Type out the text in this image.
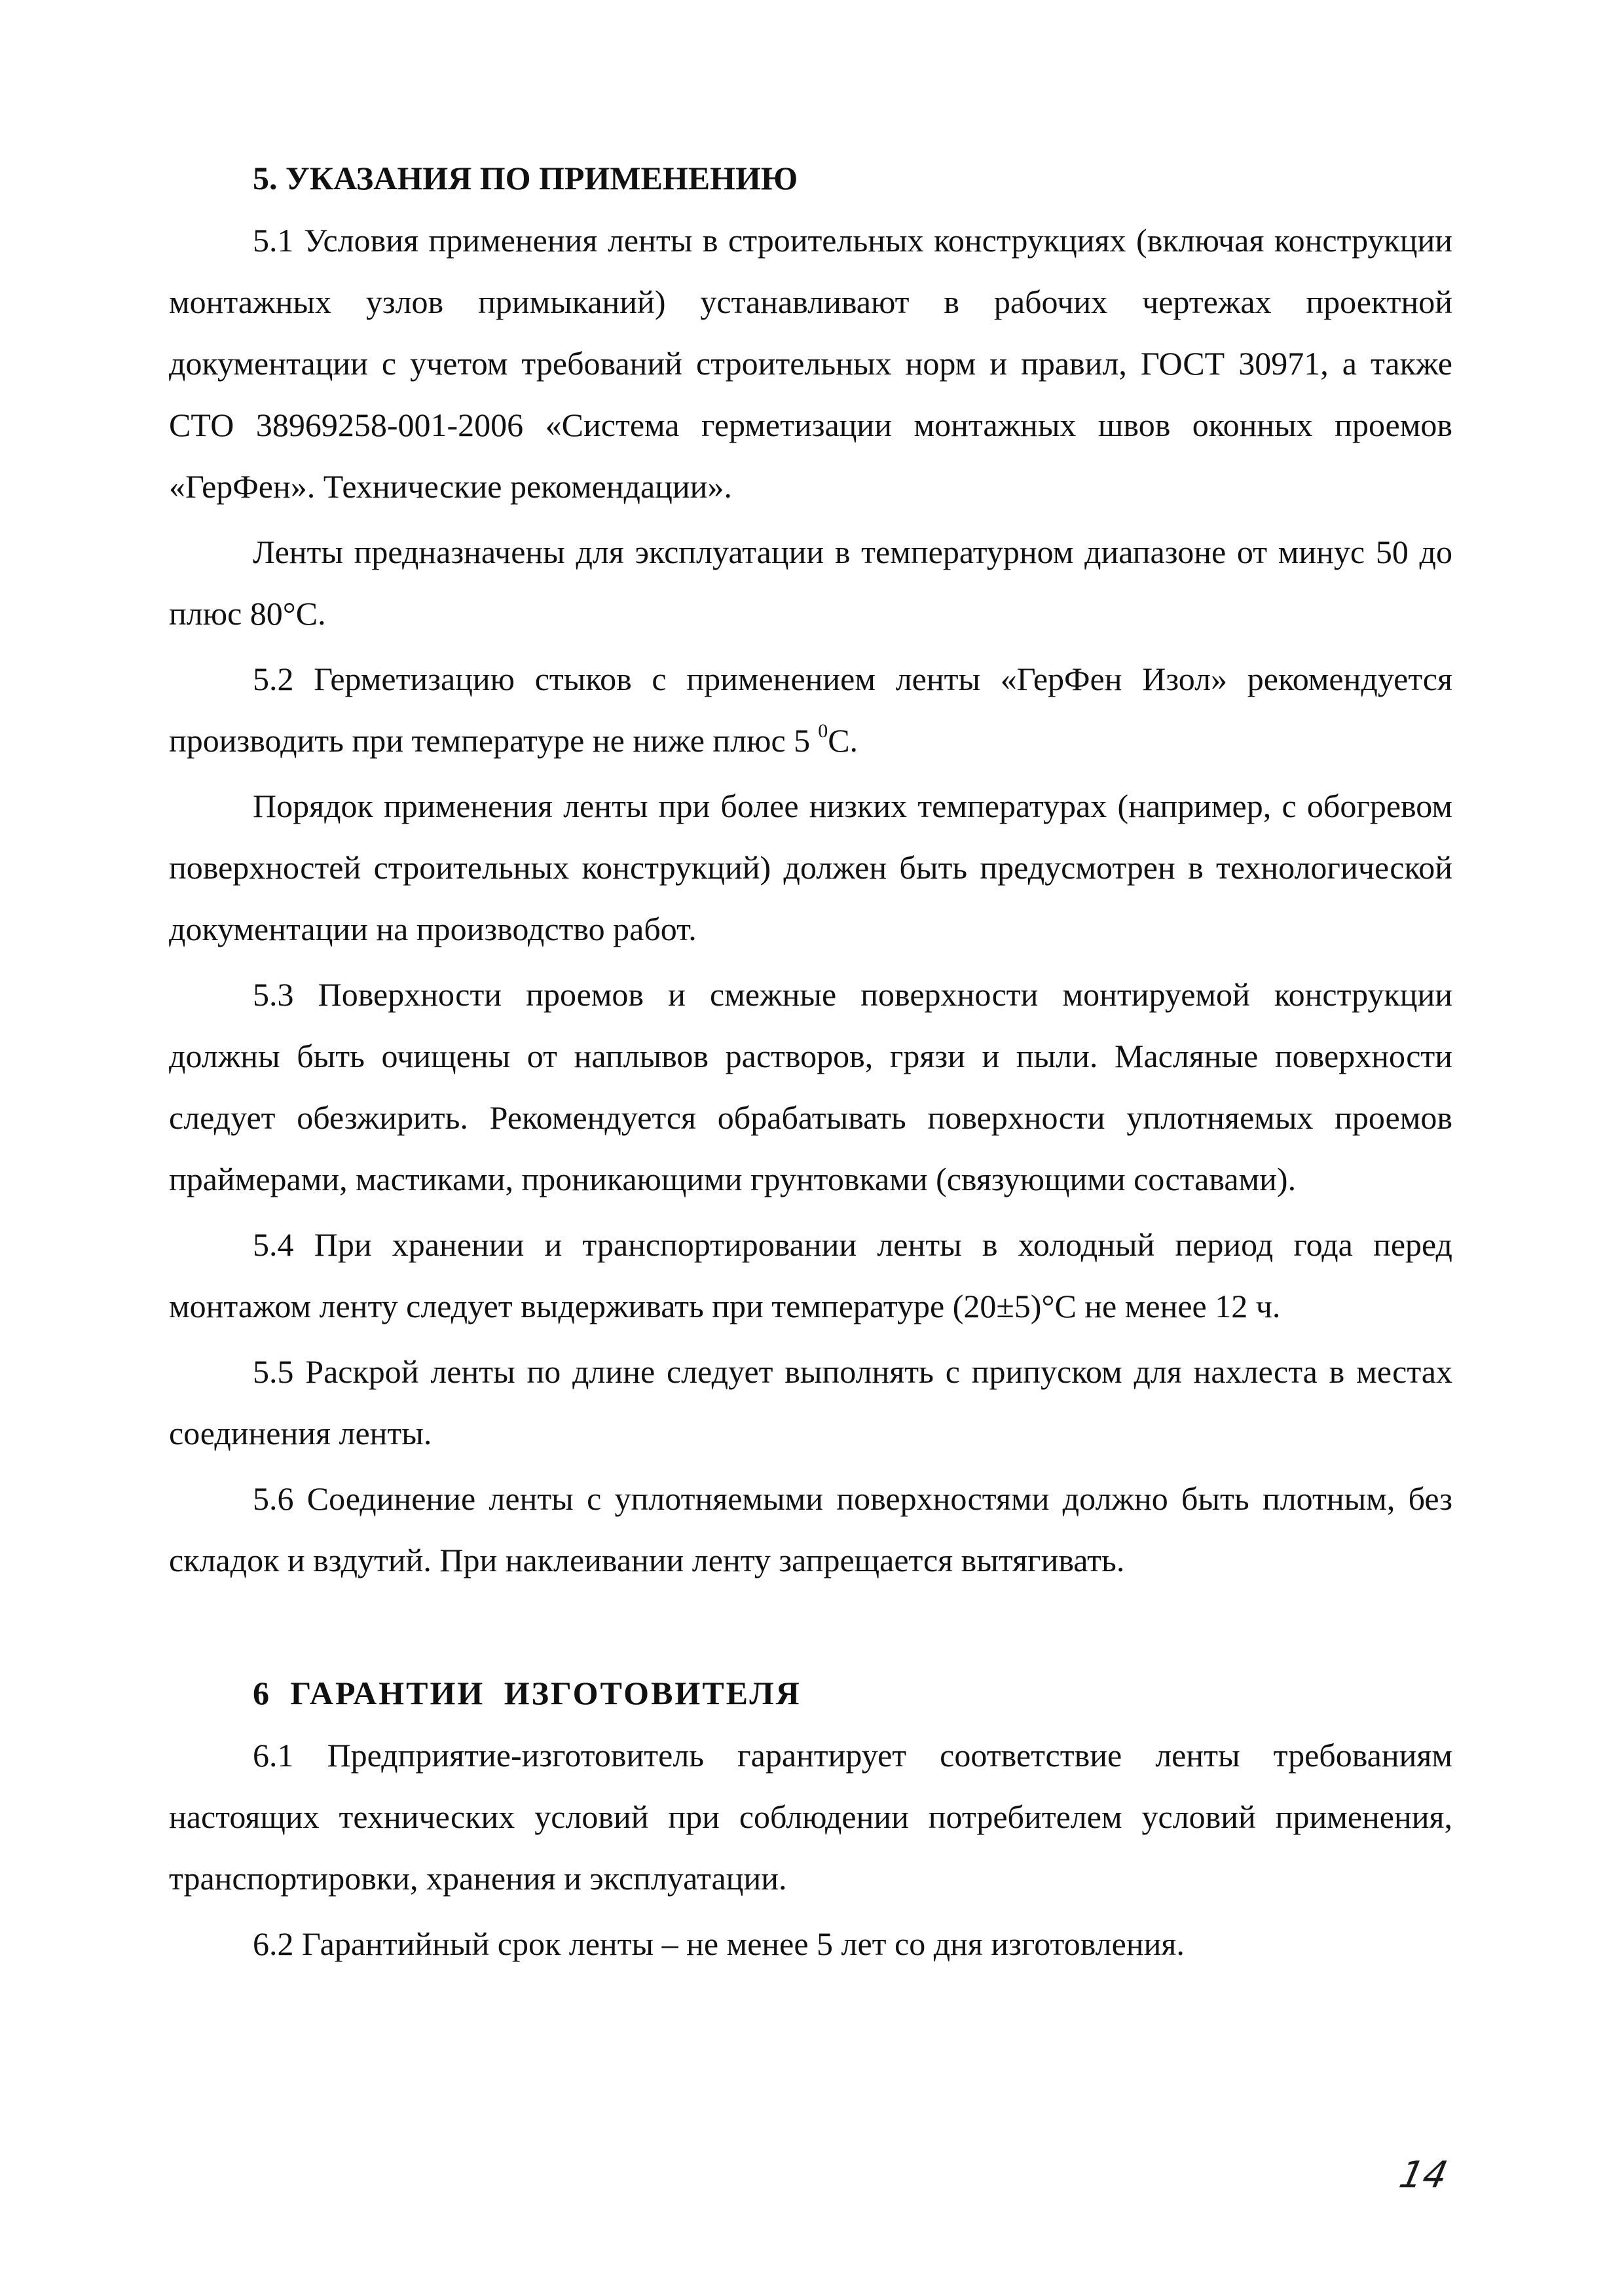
5. УКАЗАНИЯ ПО ПРИМЕНЕНИЮ

5.1 Условия применения ленты в строительных конструкциях (включая конструкции монтажных узлов примыканий) устанавливают в рабочих чертежах проектной документации с учетом требований строительных норм и правил, ГОСТ 30971, а также СТО 38969258-001-2006 «Система герметизации монтажных швов оконных проемов «ГерФен». Технические рекомендации».

Ленты предназначены для эксплуатации в температурном диапазоне от минус 50 до плюс 80°С.

5.2 Герметизацию стыков с применением ленты «ГерФен Изол» рекомендуется производить при температуре не ниже плюс 5 $^0$С.

Порядок применения ленты при более низких температурах (например, с обогревом поверхностей строительных конструкций) должен быть предусмотрен в технологической документации на производство работ.

5.3 Поверхности проемов и смежные поверхности монтируемой конструкции должны быть очищены от наплывов растворов, грязи и пыли. Масляные поверхности следует обезжирить. Рекомендуется обрабатывать поверхности уплотняемых проемов праймерами, мастиками, проникающими грунтовками (связующими составами).

5.4 При хранении и транспортировании ленты в холодный период года перед монтажом ленту следует выдерживать при температуре (20±5)°С не менее 12 ч.

5.5 Раскрой ленты по длине следует выполнять с припуском для нахлеста в местах соединения ленты.

5.6 Соединение ленты с уплотняемыми поверхностями должно быть плотным, без складок и вздутий. При наклеивании ленту запрещается вытягивать.

6 ГАРАНТИИ ИЗГОТОВИТЕЛЯ

6.1 Предприятие-изготовитель гарантирует соответствие ленты требованиям настоящих технических условий при соблюдении потребителем условий применения, транспортировки, хранения и эксплуатации.

6.2 Гарантийный срок ленты – не менее 5 лет со дня изготовления.

14
